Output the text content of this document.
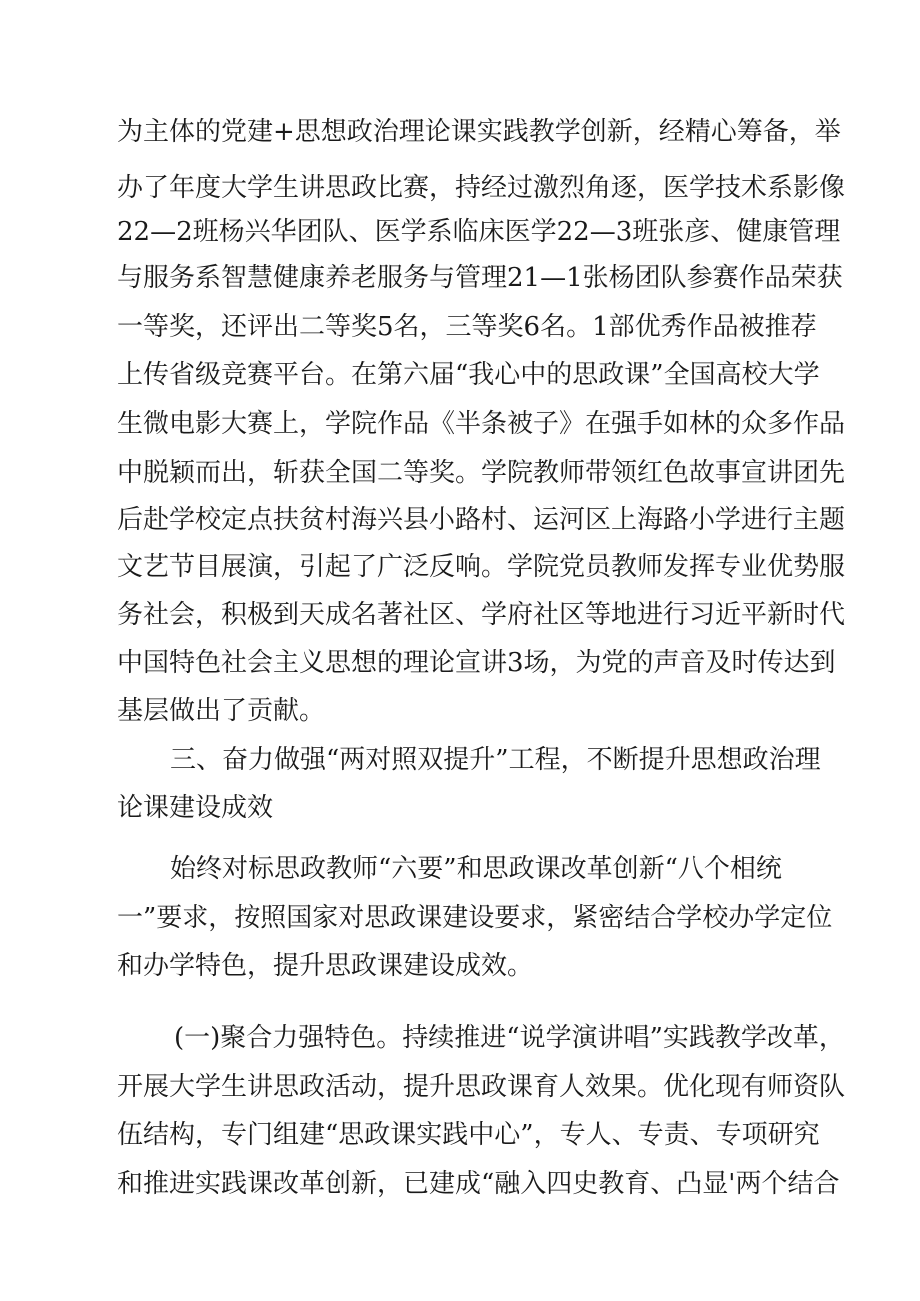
为主体的党建+思想政治理论课实践教学创新，经精心筹备，举
办了年度大学生讲思政比赛，持经过激烈角逐，医学技术系影像
22—2班杨兴华团队、医学系临床医学22—3班张彦、健康管理
与服务系智慧健康养老服务与管理21—1张杨团队参赛作品荣获
一等奖，还评出二等奖5名，三等奖6名。1部优秀作品被推荐
上传省级竞赛平台。在第六届“我心中的思政课”全国高校大学
生微电影大赛上，学院作品《半条被子》在强手如林的众多作品
中脱颖而出，斩获全国二等奖。学院教师带领红色故事宣讲团先
后赴学校定点扶贫村海兴县小路村、运河区上海路小学进行主题
文艺节目展演，引起了广泛反响。学院党员教师发挥专业优势服
务社会，积极到天成名著社区、学府社区等地进行习近平新时代
中国特色社会主义思想的理论宣讲3场，为党的声音及时传达到
基层做出了贡献。
三、奋力做强“两对照双提升”工程，不断提升思想政治理
论课建设成效
始终对标思政教师“六要”和思政课改革创新“八个相统
一”要求，按照国家对思政课建设要求，紧密结合学校办学定位
和办学特色，提升思政课建设成效。
(一)聚合力强特色。持续推进“说学演讲唱”实践教学改革，
开展大学生讲思政活动，提升思政课育人效果。优化现有师资队
伍结构，专门组建“思政课实践中心”，专人、专责、专项研究
和推进实践课改革创新，已建成“融入四史教育、凸显'两个结合
